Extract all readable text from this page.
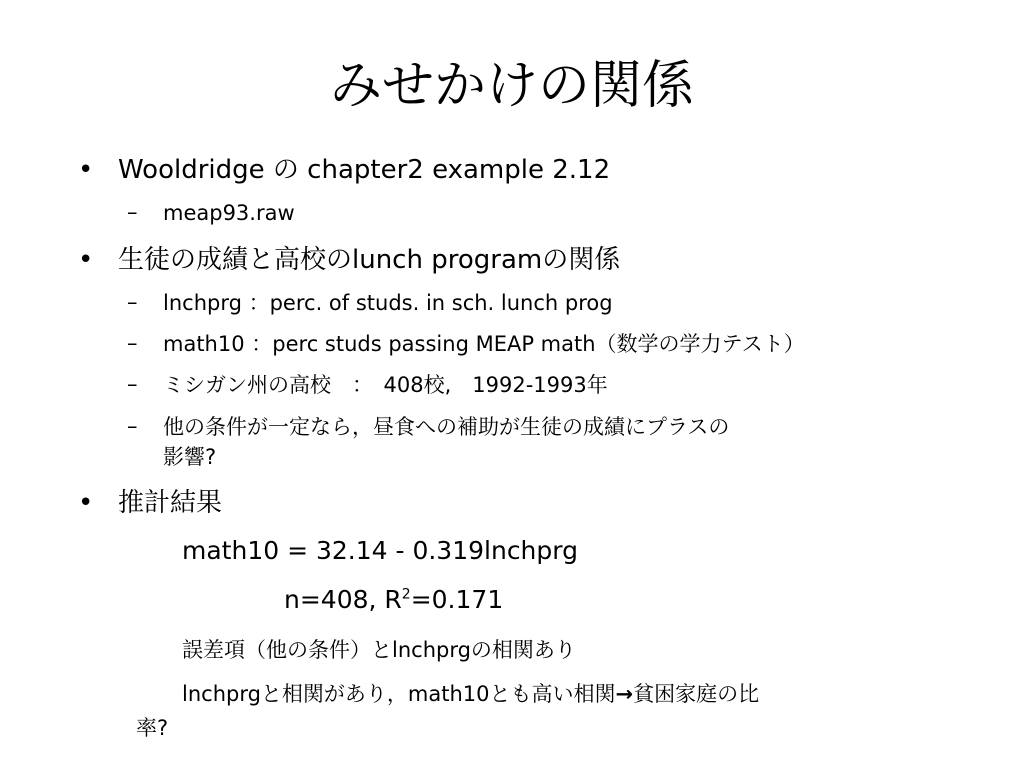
みせかけの関係
• Wooldridge の chapter2 example 2.12
– meap93.raw
• 生徒の成績と高校のlunch programの関係
– lnchprg ：perc. of studs. in sch. lunch prog
– math10 ：perc studs passing MEAP math（数学の学力テスト）
– ミシガン州の高校　：　408校,　1992-1993年
– 他の条件が一定なら，昼食への補助が生徒の成績にプラスの
影響?
• 推計結果
math10 = 32.14 - 0.319lnchprg
n=408, $R^2=0.171$
誤差項（他の条件）とlnchprgの相関あり
lnchprgと相関があり，math10とも高い相関→貧困家庭の比
率?
